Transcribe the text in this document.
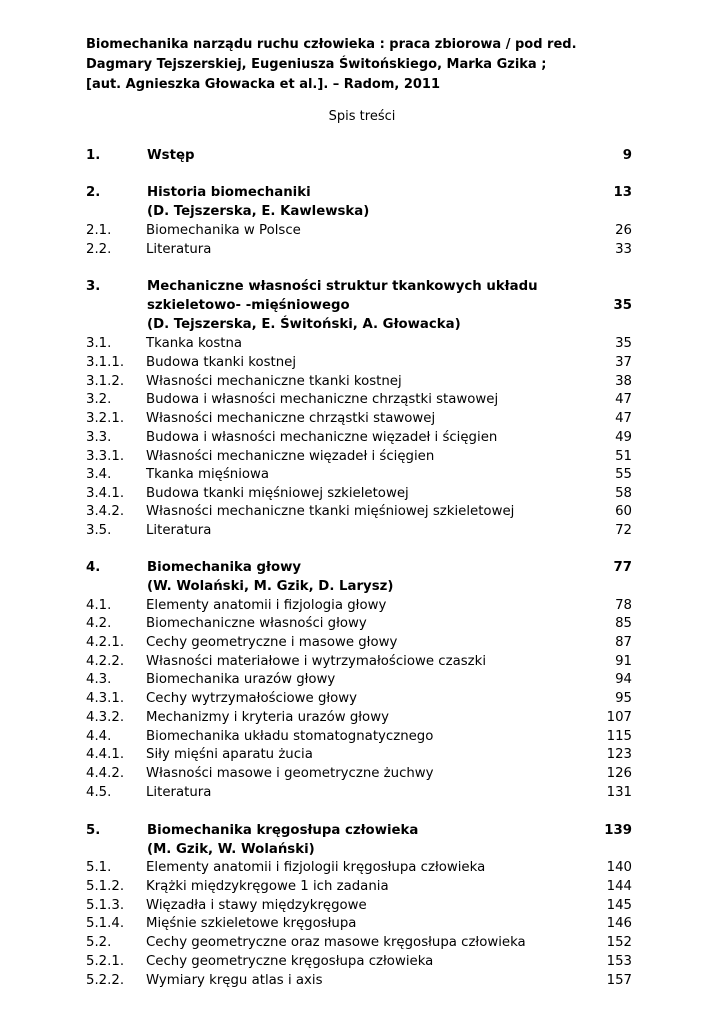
Biomechanika narządu ruchu człowieka : praca zbiorowa / pod red.
Dagmary Tejszerskiej, Eugeniusza Świtońskiego, Marka Gzika ;
[aut. Agnieszka Głowacka et al.]. – Radom, 2011
Spis treści
1.	Wstęp	9
2.	Historia biomechaniki	13
(D. Tejszerska, E. Kawlewska)
2.1.	Biomechanika w Polsce	26
2.2.	Literatura	33
3.	Mechaniczne własności struktur tkankowych układu
szkieletowo- -mięśniowego	35
(D. Tejszerska, E. Świtoński, A. Głowacka)
3.1.	Tkanka kostna	35
3.1.1. Budowa tkanki kostnej	37
3.1.2. Własności mechaniczne tkanki kostnej	38
3.2.	Budowa i własności mechaniczne chrząstki stawowej	47
3.2.1. Własności mechaniczne chrząstki stawowej	47
3.3.	Budowa i własności mechaniczne więzadeł i ścięgien	49
3.3.1. Własności mechaniczne więzadeł i ścięgien	51
3.4.	Tkanka mięśniowa	55
3.4.1. Budowa tkanki mięśniowej szkieletowej	58
3.4.2. Własności mechaniczne tkanki mięśniowej szkieletowej	60
3.5.	Literatura	72
4.	Biomechanika głowy	77
(W. Wolański, M. Gzik, D. Larysz)
4.1.	Elementy anatomii i fizjologia głowy	78
4.2.	Biomechaniczne własności głowy	85
4.2.1. Cechy geometryczne i masowe głowy	87
4.2.2. Własności materiałowe i wytrzymałościowe czaszki	91
4.3.	Biomechanika urazów głowy	94
4.3.1. Cechy wytrzymałościowe głowy	95
4.3.2. Mechanizmy i kryteria urazów głowy	107
4.4.	Biomechanika układu stomatognatycznego	115
4.4.1. Siły mięśni aparatu żucia	123
4.4.2. Własności masowe i geometryczne żuchwy	126
4.5.	Literatura	131
5.	Biomechanika kręgosłupa człowieka	139
(M. Gzik, W. Wolański)
5.1.	Elementy anatomii i fizjologii kręgosłupa człowieka	140
5.1.2. Krążki międzykręgowe 1 ich zadania	144
5.1.3. Więzadła i stawy międzykręgowe	145
5.1.4. Mięśnie szkieletowe kręgosłupa	146
5.2.	Cechy geometryczne oraz masowe kręgosłupa człowieka	152
5.2.1. Cechy geometryczne kręgosłupa człowieka	153
5.2.2. Wymiary kręgu atlas i axis	157
